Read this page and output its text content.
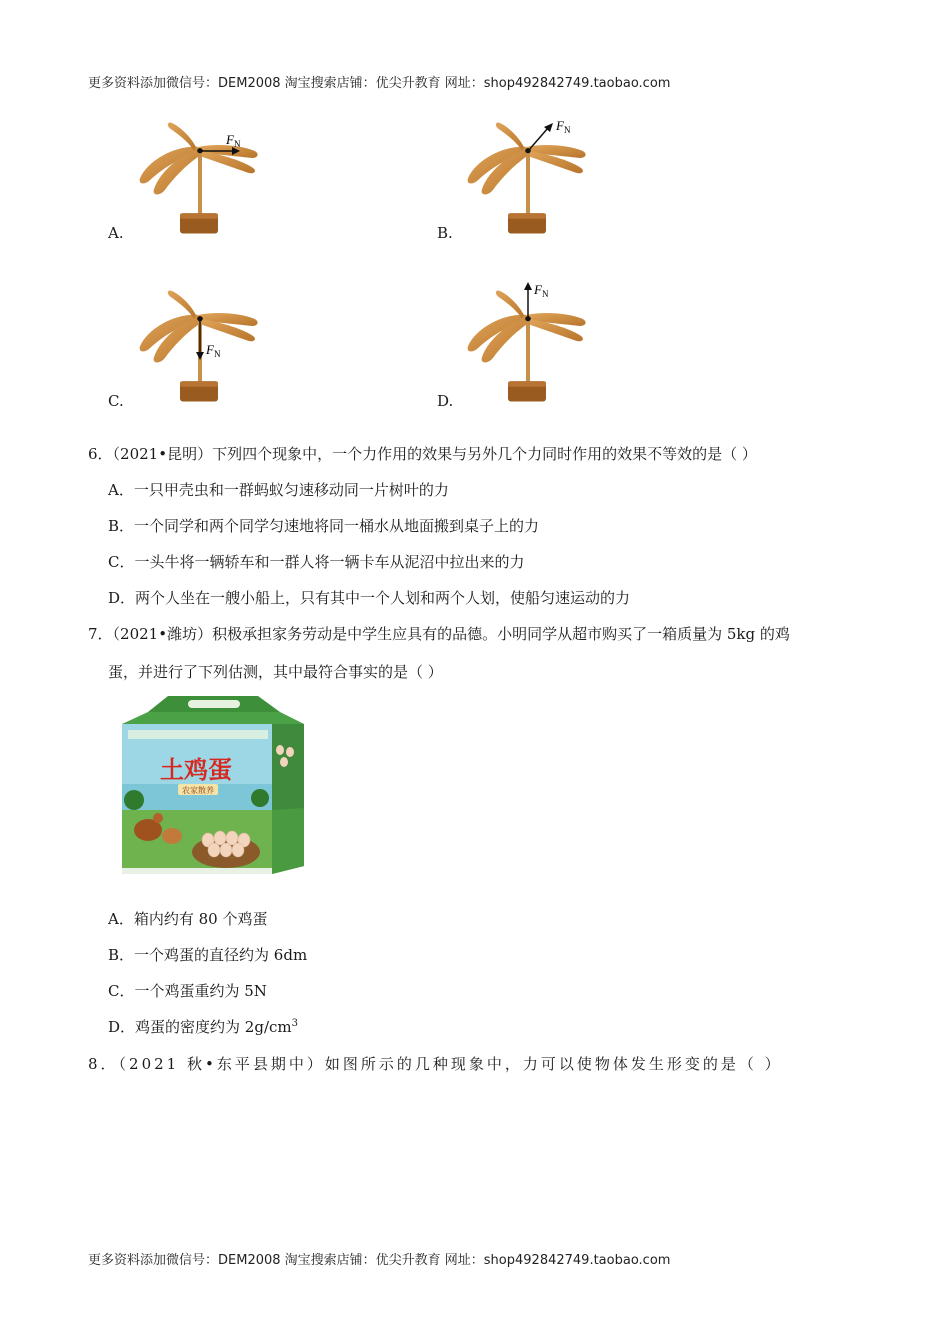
更多资料添加微信号：DEM2008 淘宝搜索店铺：优尖升教育 网址：shop492842749.taobao.com
$F_N$
A.
$F_N$
B.
$F_N$
C.
$F_N$
D.
6．（2021•昆明）下列四个现象中，一个力作用的效果与另外几个力同时作用的效果不等效的是（ ）
A．一只甲壳虫和一群蚂蚁匀速移动同一片树叶的力
B．一个同学和两个同学匀速地将同一桶水从地面搬到桌子上的力
C．一头牛将一辆轿车和一群人将一辆卡车从泥沼中拉出来的力
D．两个人坐在一艘小船上，只有其中一个人划和两个人划，使船匀速运动的力
7．（2021•潍坊）积极承担家务劳动是中学生应具有的品德。小明同学从超市购买了一箱质量为 5kg 的鸡
蛋，并进行了下列估测，其中最符合事实的是（ ）
土鸡蛋
农家散养
A．箱内约有 80 个鸡蛋
B．一个鸡蛋的直径约为 6dm
C．一个鸡蛋重约为 5N
D．鸡蛋的密度约为 $2g/cm^3$
8．（2021 秋•东平县期中）如图所示的几种现象中，力可以使物体发生形变的是（ ）
更多资料添加微信号：DEM2008 淘宝搜索店铺：优尖升教育 网址：shop492842749.taobao.com
